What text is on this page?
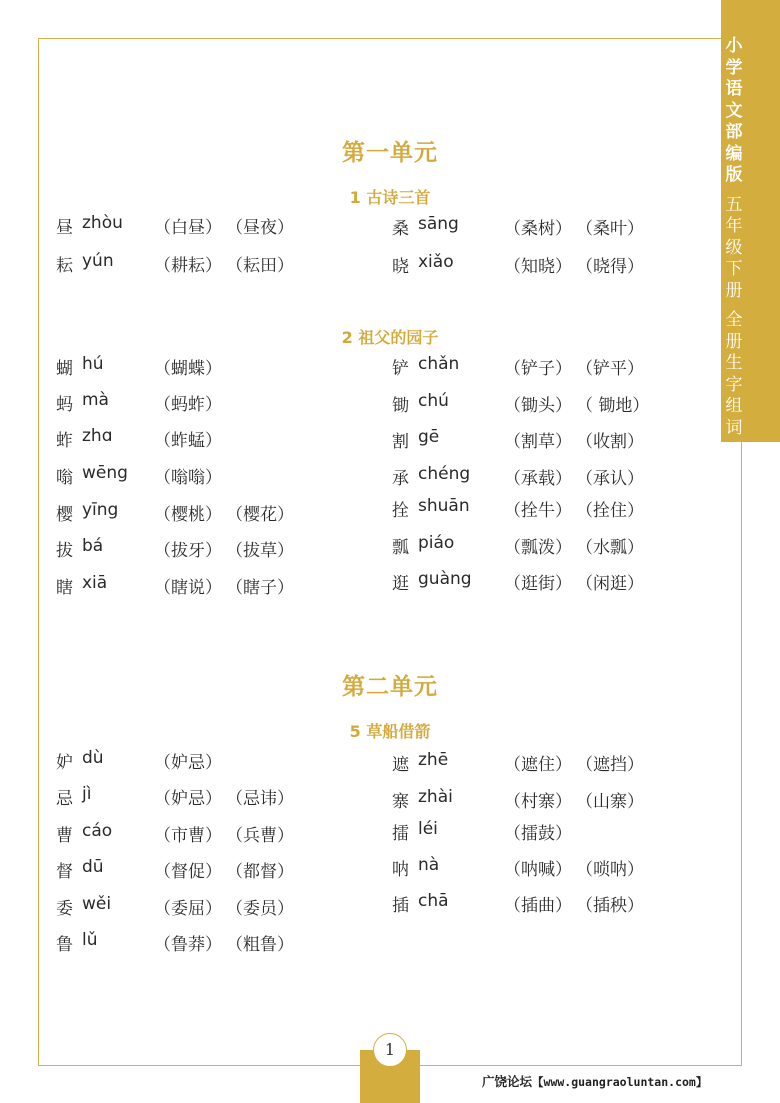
小学语文部编版
五年级下册
全册生字组词
第一单元
1 古诗三首
昼 zhòu （白昼） （昼夜）
耘 yún （耕耘） （耘田）
桑 sāng	（桑树） （桑叶）
晓 xiǎo	（知晓） （晓得）
2 祖父的园子
蝴 hú	（蝴蝶）
蚂 mà	（蚂蚱）
蚱 zhɑ （蚱蜢）
嗡 wēng （嗡嗡）
樱 yīng （樱桃） （樱花）
拔 bá	（拔牙） （拔草）
瞎 xiā	（瞎说） （瞎子）
铲 chǎn	（铲子） （铲平）
锄 chú	（锄头） （ 锄地）
割 gē	（割草） （收割）
承 chéng （承载） （承认）
拴 shuān （拴牛） （拴住）
瓢 piáo	（瓢泼） （水瓢）
逛 guàng （逛街） （闲逛）
第二单元
5 草船借箭
妒 dù	（妒忌）
忌 jì	（妒忌） （忌讳）
曹 cáo （市曹） （兵曹）
督 dū	（督促） （都督）
委 wěi	（委屈） （委员）
鲁 lǔ	（鲁莽） （粗鲁）
遮 zhē	（遮住） （遮挡）
寨 zhài	（村寨） （山寨）
擂 léi	（擂鼓）
呐 nà	（呐喊） （唢呐）
插 chā	（插曲） （插秧）
1
广饶论坛【www.guangraoluntan.com】
